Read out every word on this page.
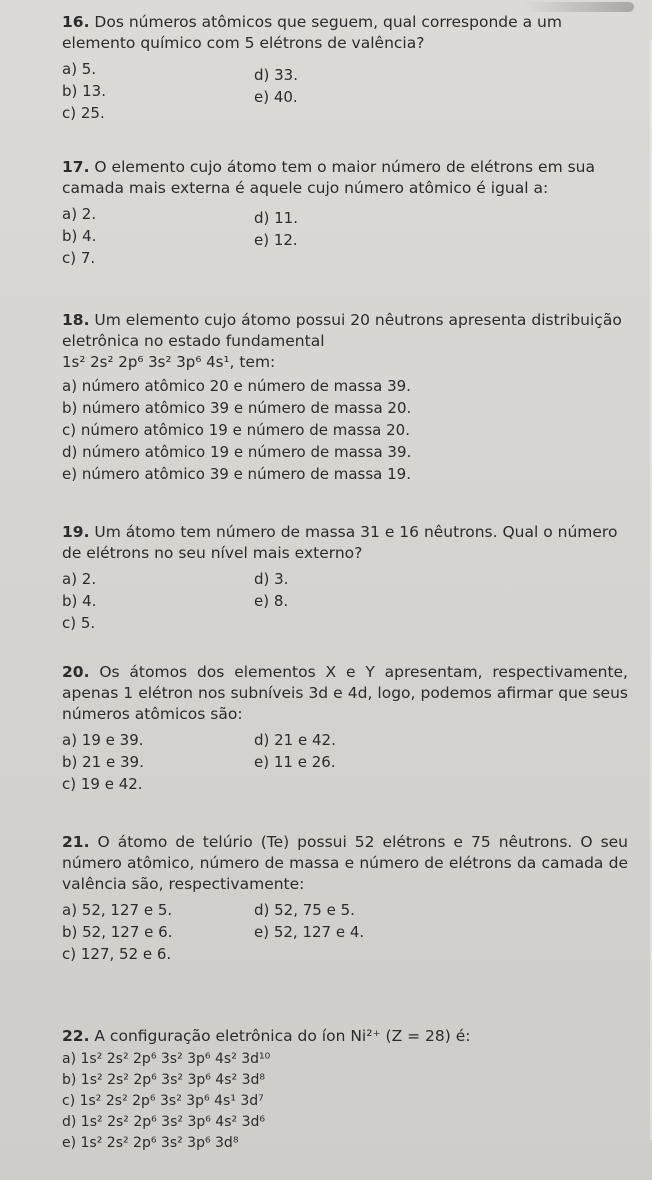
16. Dos números atômicos que seguem, qual corresponde a um elemento químico com 5 elétrons de valência?

a) 5.
b) 13.
c) 25.
d) 33.
e) 40.

17. O elemento cujo átomo tem o maior número de elétrons em sua camada mais externa é aquele cujo número atômico é igual a:

a) 2.
b) 4.
c) 7.
d) 11.
e) 12.

18. Um elemento cujo átomo possui 20 nêutrons apresenta distribuição eletrônica no estado fundamental
1s² 2s² 2p⁶ 3s² 3p⁶ 4s¹, tem:

a) número atômico 20 e número de massa 39.
b) número atômico 39 e número de massa 20.
c) número atômico 19 e número de massa 20.
d) número atômico 19 e número de massa 39.
e) número atômico 39 e número de massa 19.

19. Um átomo tem número de massa 31 e 16 nêutrons. Qual o número de elétrons no seu nível mais externo?

a) 2.
b) 4.
c) 5.
d) 3.
e) 8.

20. Os átomos dos elementos X e Y apresentam, respectivamente, apenas 1 elétron nos subníveis 3d e 4d, logo, podemos afirmar que seus números atômicos são:

a) 19 e 39.
b) 21 e 39.
c) 19 e 42.
d) 21 e 42.
e) 11 e 26.

21. O átomo de telúrio (Te) possui 52 elétrons e 75 nêutrons. O seu número atômico, número de massa e número de elétrons da camada de valência são, respectivamente:

a) 52, 127 e 5.
b) 52, 127 e 6.
c) 127, 52 e 6.
d) 52, 75 e 5.
e) 52, 127 e 4.

22. A configuração eletrônica do íon Ni²⁺ (Z = 28) é:

a) 1s² 2s² 2p⁶ 3s² 3p⁶ 4s² 3d¹⁰
b) 1s² 2s² 2p⁶ 3s² 3p⁶ 4s² 3d⁸
c) 1s² 2s² 2p⁶ 3s² 3p⁶ 4s¹ 3d⁷
d) 1s² 2s² 2p⁶ 3s² 3p⁶ 4s² 3d⁶
e) 1s² 2s² 2p⁶ 3s² 3p⁶ 3d⁸
